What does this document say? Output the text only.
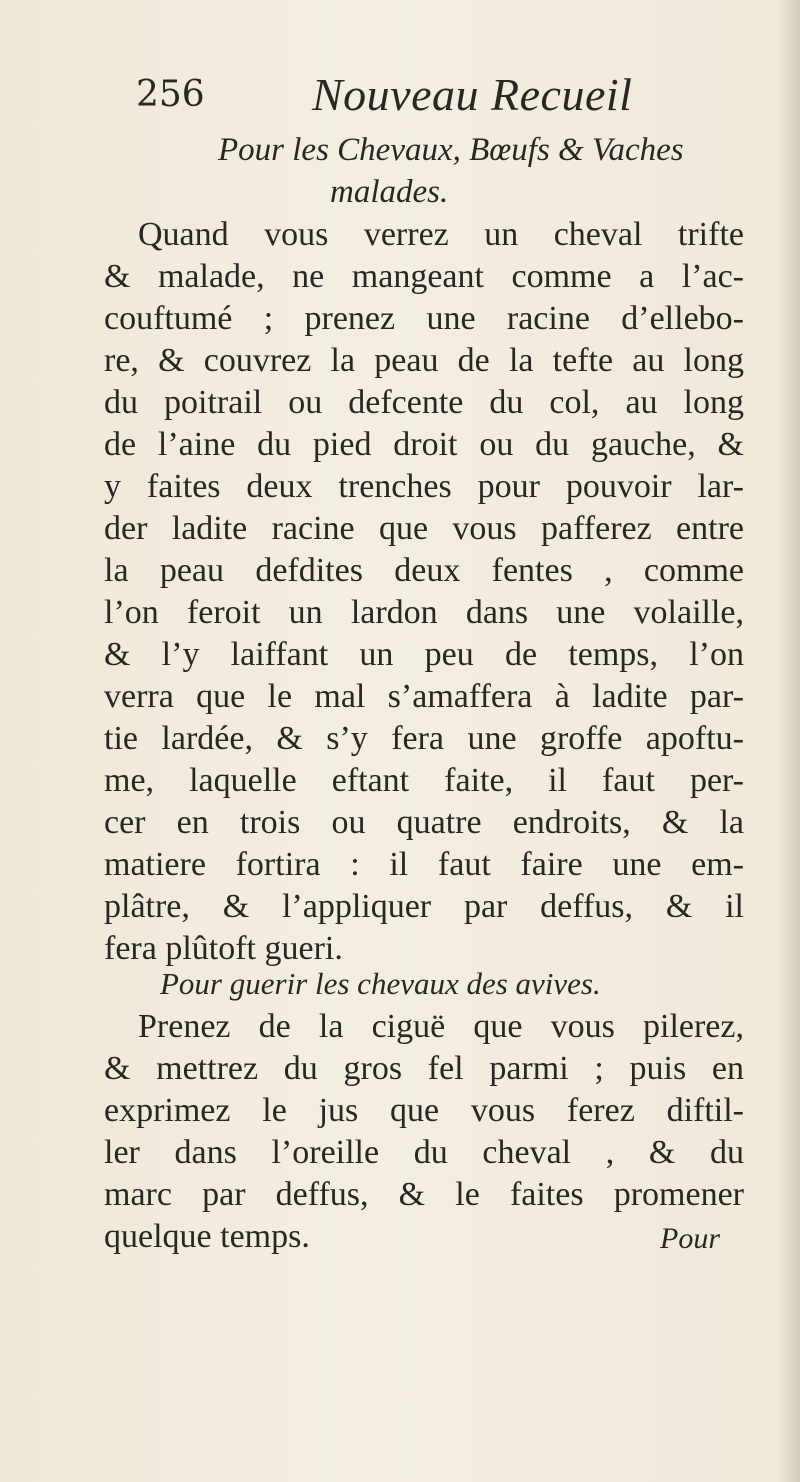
256 Nouveau Recueil
Pour les Chevaux, Bœufs & Vaches
malades.
Quand vous verrez un cheval trifte
& malade, ne mangeant comme a l’ac-
couftumé ; prenez une racine d’ellebo-
re, & couvrez la peau de la tefte au long
du poitrail ou defcente du col, au long
de l’aine du pied droit ou du gauche, &
y faites deux trenches pour pouvoir lar-
der ladite racine que vous pafferez entre
la peau defdites deux fentes , comme
l’on feroit un lardon dans une volaille,
& l’y laiffant un peu de temps, l’on
verra que le mal s’amaffera à ladite par-
tie lardée, & s’y fera une groffe apoftu-
me, laquelle eftant faite, il faut per-
cer en trois ou quatre endroits, & la
matiere fortira : il faut faire une em-
plâtre, & l’appliquer par deffus, & il
fera plûtoft gueri.
Pour guerir les chevaux des avives.
Prenez de la ciguë que vous pilerez,
& mettrez du gros fel parmi ; puis en
exprimez le jus que vous ferez diftil-
ler dans l’oreille du cheval , & du
marc par deffus, & le faites promener
quelque temps.	Pour
